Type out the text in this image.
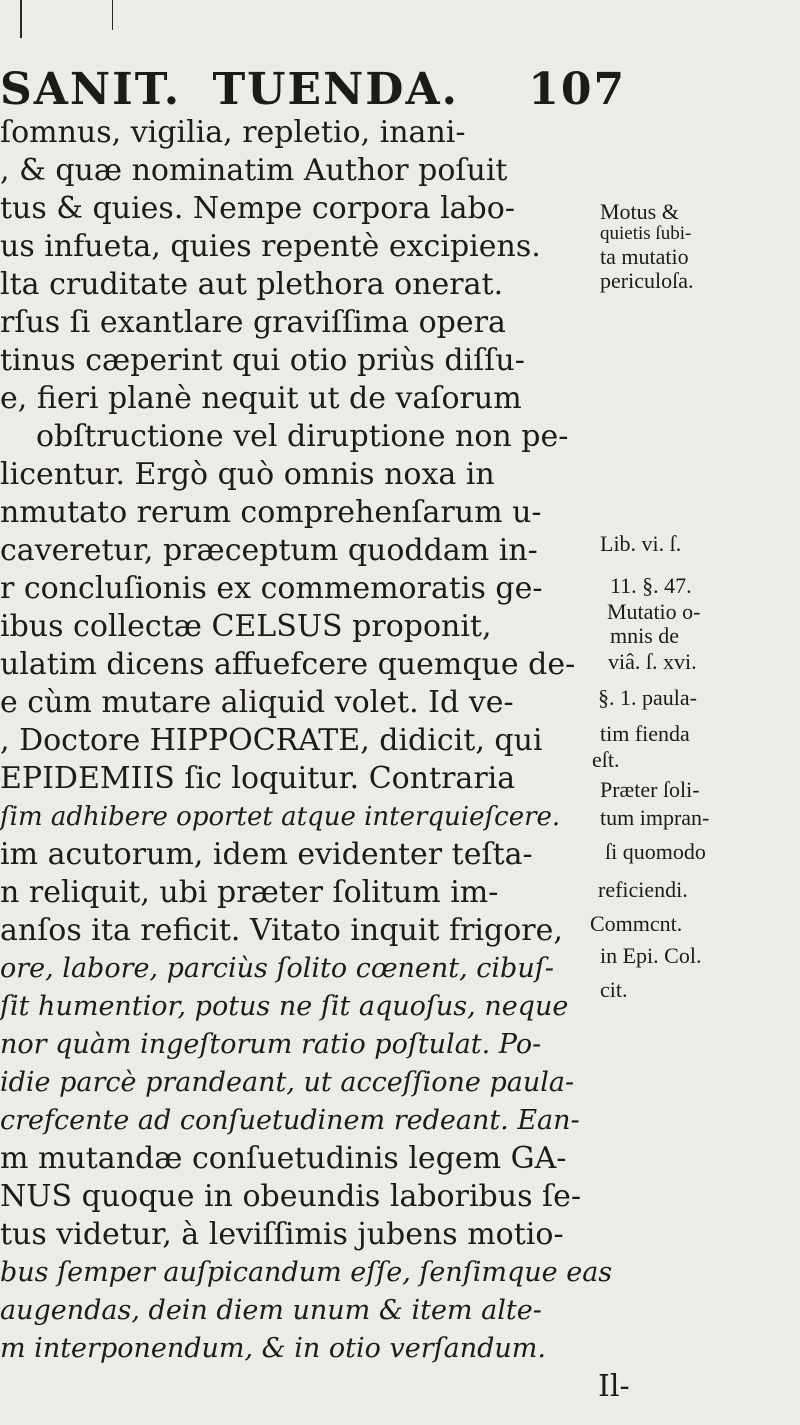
SANIT. TUENDA. 107
ſomnus, vigilia, repletio, inani-
, & quæ nominatim Author poſuit
tus & quies. Nempe corpora labo-
us infueta, quies repentè excipiens.
lta cruditate aut plethora onerat.
rſus ſi exantlare graviſſima opera
tinus cæperint qui otio priùs diſſu-
e, fieri planè nequit ut de vaſorum
obſtructione vel diruptione non pe-
licentur. Ergò quò omnis noxa in
nmutato rerum comprehenſarum u-
caveretur, præceptum quoddam in-
r concluſionis ex commemoratis ge-
ibus collectæ CELSUS proponit,
ulatim dicens affuefcere quemque de-
e cùm mutare aliquid volet. Id ve-
, Doctore HIPPOCRATE, didicit, qui
EPIDEMIIS ſic loquitur. Contraria
ſim adhibere oportet atque interquieſcere.
im acutorum, idem evidenter teſta-
n reliquit, ubi præter ſolitum im-
anſos ita reficit. Vitato inquit frigore,
ore, labore, parciùs ſolito cœnent, cibuſ-
ſit humentior, potus ne ſit aquoſus, neque
nor quàm ingeſtorum ratio poſtulat. Po-
idie parcè prandeant, ut acceſſione paula-
crefcente ad conſuetudinem redeant. Ean-
m mutandæ conſuetudinis legem GA-
NUS quoque in obeundis laboribus ſe-
tus videtur, à leviſſimis jubens motio-
bus ſemper auſpicandum eſſe, ſenſimque eas
augendas, dein diem unum & item alte-
m interponendum, & in otio verſandum.
Il-
Motus &
quietis ſubi-
ta mutatio
periculoſa.
Lib. vi. ſ.
11. §. 47.
Mutatio o-
mnis de
viâ. ſ. xvi.
§. 1. paula-
tim fienda
eſt.
Præter ſoli-
tum impran-
ſi quomodo
reficiendi.
Commcnt.
in Epi. Col.
cit.
